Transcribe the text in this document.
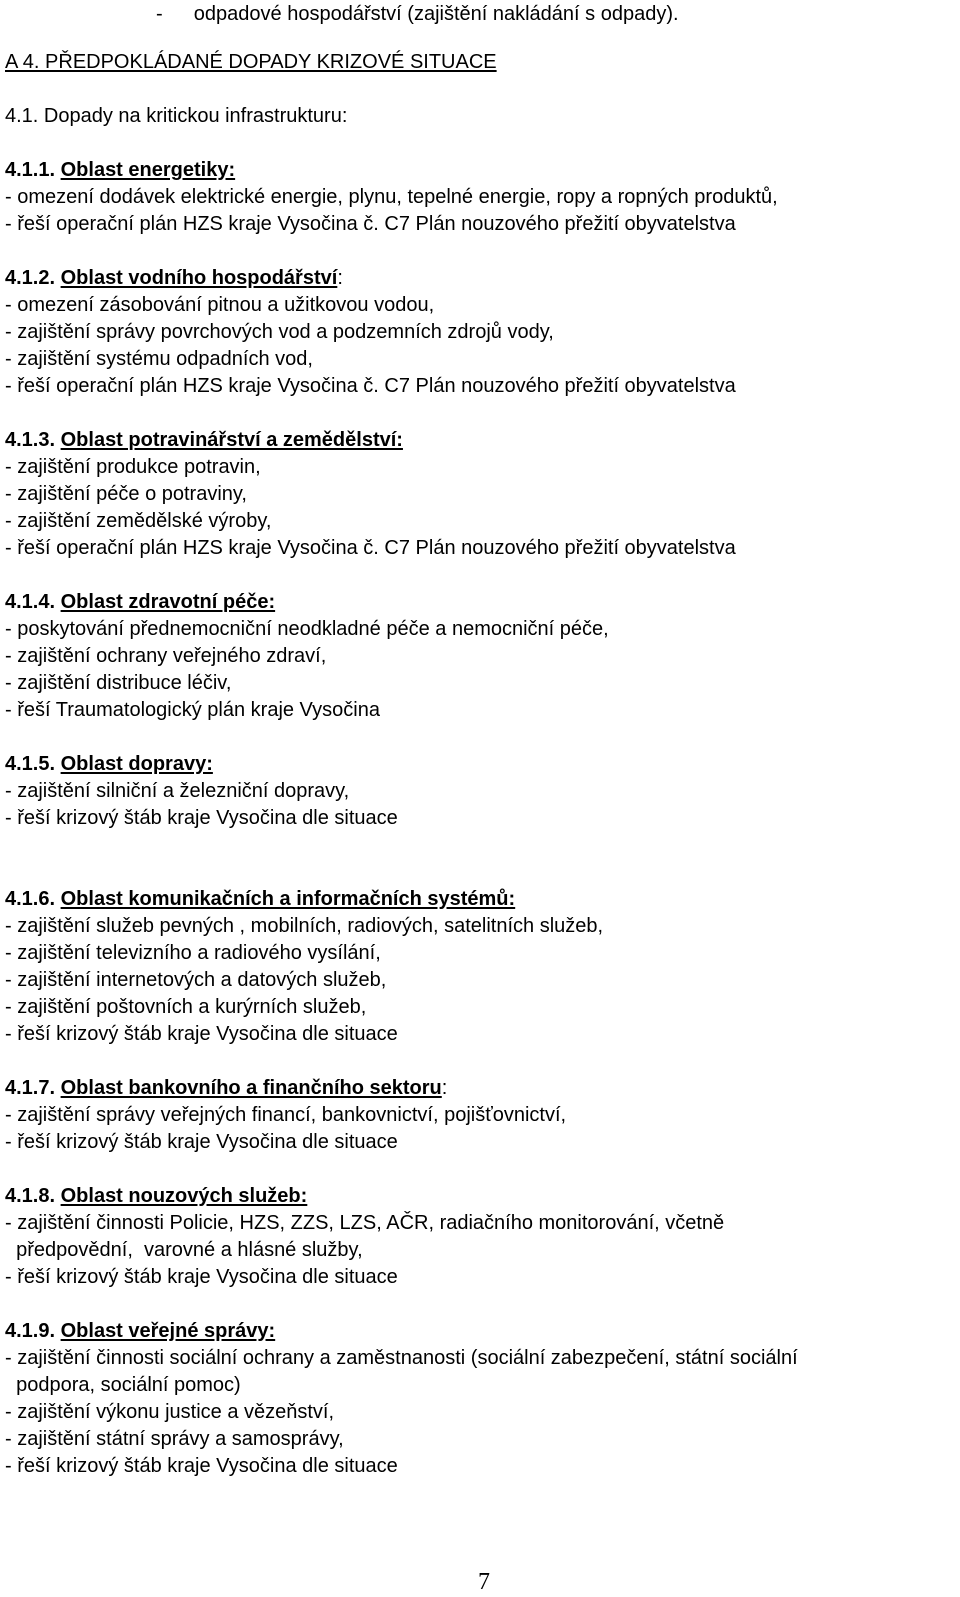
- odpadové hospodářství (zajištění nakládání s odpady).
A 4. PŘEDPOKLÁDANÉ DOPADY KRIZOVÉ SITUACE
4.1. Dopady na kritickou infrastrukturu:
4.1.1. Oblast energetiky:
- omezení dodávek elektrické energie, plynu, tepelné energie, ropy a ropných produktů,
- řeší operační plán HZS kraje Vysočina č. C7 Plán nouzového přežití obyvatelstva
4.1.2. Oblast vodního hospodářství:
- omezení zásobování pitnou a užitkovou vodou,
- zajištění správy povrchových vod a podzemních zdrojů vody,
- zajištění systému odpadních vod,
- řeší operační plán HZS kraje Vysočina č. C7 Plán nouzového přežití obyvatelstva
4.1.3. Oblast potravinářství a zemědělství:
- zajištění produkce potravin,
- zajištění péče o potraviny,
- zajištění zemědělské výroby,
- řeší operační plán HZS kraje Vysočina č. C7 Plán nouzového přežití obyvatelstva
4.1.4. Oblast zdravotní péče:
- poskytování přednemocniční neodkladné péče a nemocniční péče,
- zajištění ochrany veřejného zdraví,
- zajištění distribuce léčiv,
- řeší Traumatologický plán kraje Vysočina
4.1.5. Oblast dopravy:
- zajištění silniční a železniční dopravy,
- řeší krizový štáb kraje Vysočina dle situace
4.1.6. Oblast komunikačních a informačních systémů:
- zajištění služeb pevných , mobilních, radiových, satelitních služeb,
- zajištění televizního a radiového vysílání,
- zajištění internetových a datových služeb,
- zajištění poštovních a kurýrních služeb,
- řeší krizový štáb kraje Vysočina dle situace
4.1.7. Oblast bankovního a finančního sektoru:
- zajištění správy veřejných financí, bankovnictví, pojišťovnictví,
- řeší krizový štáb kraje Vysočina dle situace
4.1.8. Oblast nouzových služeb:
- zajištění činnosti Policie, HZS, ZZS, LZS, AČR, radiačního monitorování, včetně
předpovědní,  varovné a hlásné služby,
- řeší krizový štáb kraje Vysočina dle situace
4.1.9. Oblast veřejné správy:
- zajištění činnosti sociální ochrany a zaměstnanosti (sociální zabezpečení, státní sociální
podpora, sociální pomoc)
- zajištění výkonu justice a vězeňství,
- zajištění státní správy a samosprávy,
- řeší krizový štáb kraje Vysočina dle situace
7
